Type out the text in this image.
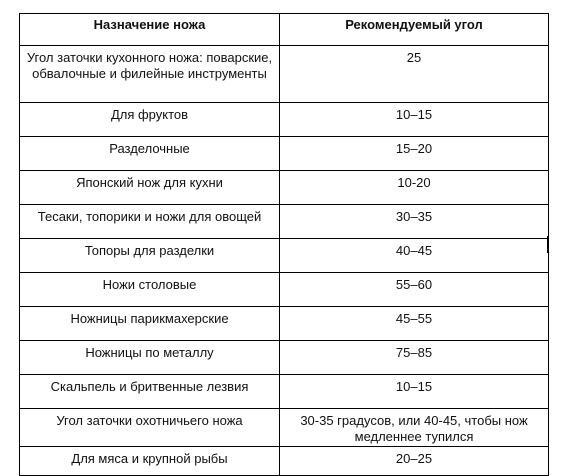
Назначение ножа	Рекомендуемый угол
Угол заточки кухонного ножа: поварские, обвалочные и филейные инструменты	25
Для фруктов	10–15
Разделочные	15–20
Японский нож для кухни	10-20
Тесаки, топорики и ножи для овощей	30–35
Топоры для разделки	40–45
Ножи столовые	55–60
Ножницы парикмахерские	45–55
Ножницы по металлу	75–85
Скальпель и бритвенные лезвия	10–15
Угол заточки охотничьего ножа	30-35 градусов, или 40-45, чтобы нож медленнее тупился
Для мяса и крупной рыбы	20–25
